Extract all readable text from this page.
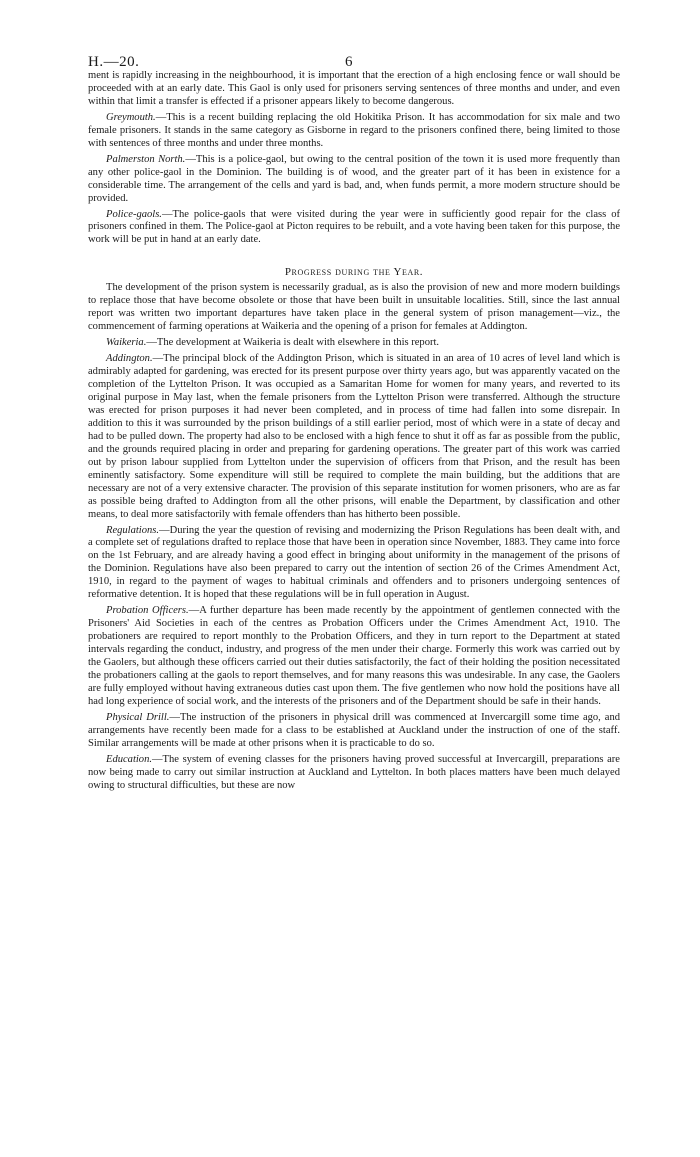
H.—20.	6

ment is rapidly increasing in the neighbourhood, it is important that the erection of a high enclosing fence or wall should be proceeded with at an early date. This Gaol is only used for prisoners serving sentences of three months and under, and even within that limit a transfer is effected if a prisoner appears likely to become dangerous.

Greymouth.—This is a recent building replacing the old Hokitika Prison. It has accommodation for six male and two female prisoners. It stands in the same category as Gisborne in regard to the prisoners confined there, being limited to those with sentences of three months and under three months.

Palmerston North.—This is a police-gaol, but owing to the central position of the town it is used more frequently than any other police-gaol in the Dominion. The building is of wood, and the greater part of it has been in existence for a considerable time. The arrangement of the cells and yard is bad, and, when funds permit, a more modern structure should be provided.

Police-gaols.—The police-gaols that were visited during the year were in sufficiently good repair for the class of prisoners confined in them. The Police-gaol at Picton requires to be rebuilt, and a vote having been taken for this purpose, the work will be put in hand at an early date.

Progress during the Year.

The development of the prison system is necessarily gradual, as is also the provision of new and more modern buildings to replace those that have become obsolete or those that have been built in unsuitable localities. Still, since the last annual report was written two important departures have taken place in the general system of prison management—viz., the commencement of farming operations at Waikeria and the opening of a prison for females at Addington.

Waikeria.—The development at Waikeria is dealt with elsewhere in this report.

Addington.—The principal block of the Addington Prison, which is situated in an area of 10 acres of level land which is admirably adapted for gardening, was erected for its present purpose over thirty years ago, but was apparently vacated on the completion of the Lyttelton Prison. It was occupied as a Samaritan Home for women for many years, and reverted to its original purpose in May last, when the female prisoners from the Lyttelton Prison were transferred. Although the structure was erected for prison purposes it had never been completed, and in process of time had fallen into some disrepair. In addition to this it was surrounded by the prison buildings of a still earlier period, most of which were in a state of decay and had to be pulled down. The property had also to be enclosed with a high fence to shut it off as far as possible from the public, and the grounds required placing in order and preparing for gardening operations. The greater part of this work was carried out by prison labour supplied from Lyttelton under the supervision of officers from that Prison, and the result has been eminently satisfactory. Some expenditure will still be required to complete the main building, but the additions that are necessary are not of a very extensive character. The provision of this separate institution for women prisoners, who are as far as possible being drafted to Addington from all the other prisons, will enable the Department, by classification and other means, to deal more satisfactorily with female offenders than has hitherto been possible.

Regulations.—During the year the question of revising and modernizing the Prison Regulations has been dealt with, and a complete set of regulations drafted to replace those that have been in operation since November, 1883. They came into force on the 1st February, and are already having a good effect in bringing about uniformity in the management of the prisons of the Dominion. Regulations have also been prepared to carry out the intention of section 26 of the Crimes Amendment Act, 1910, in regard to the payment of wages to habitual criminals and offenders and to prisoners undergoing sentences of reformative detention. It is hoped that these regulations will be in full operation in August.

Probation Officers.—A further departure has been made recently by the appointment of gentlemen connected with the Prisoners' Aid Societies in each of the centres as Probation Officers under the Crimes Amendment Act, 1910. The probationers are required to report monthly to the Probation Officers, and they in turn report to the Department at stated intervals regarding the conduct, industry, and progress of the men under their charge. Formerly this work was carried out by the Gaolers, but although these officers carried out their duties satisfactorily, the fact of their holding the position necessitated the probationers calling at the gaols to report themselves, and for many reasons this was undesirable. In any case, the Gaolers are fully employed without having extraneous duties cast upon them. The five gentlemen who now hold the positions have all had long experience of social work, and the interests of the prisoners and of the Department should be safe in their hands.

Physical Drill.—The instruction of the prisoners in physical drill was commenced at Invercargill some time ago, and arrangements have recently been made for a class to be established at Auckland under the instruction of one of the staff. Similar arrangements will be made at other prisons when it is practicable to do so.

Education.—The system of evening classes for the prisoners having proved successful at Invercargill, preparations are now being made to carry out similar instruction at Auckland and Lyttelton. In both places matters have been much delayed owing to structural difficulties, but these are now
